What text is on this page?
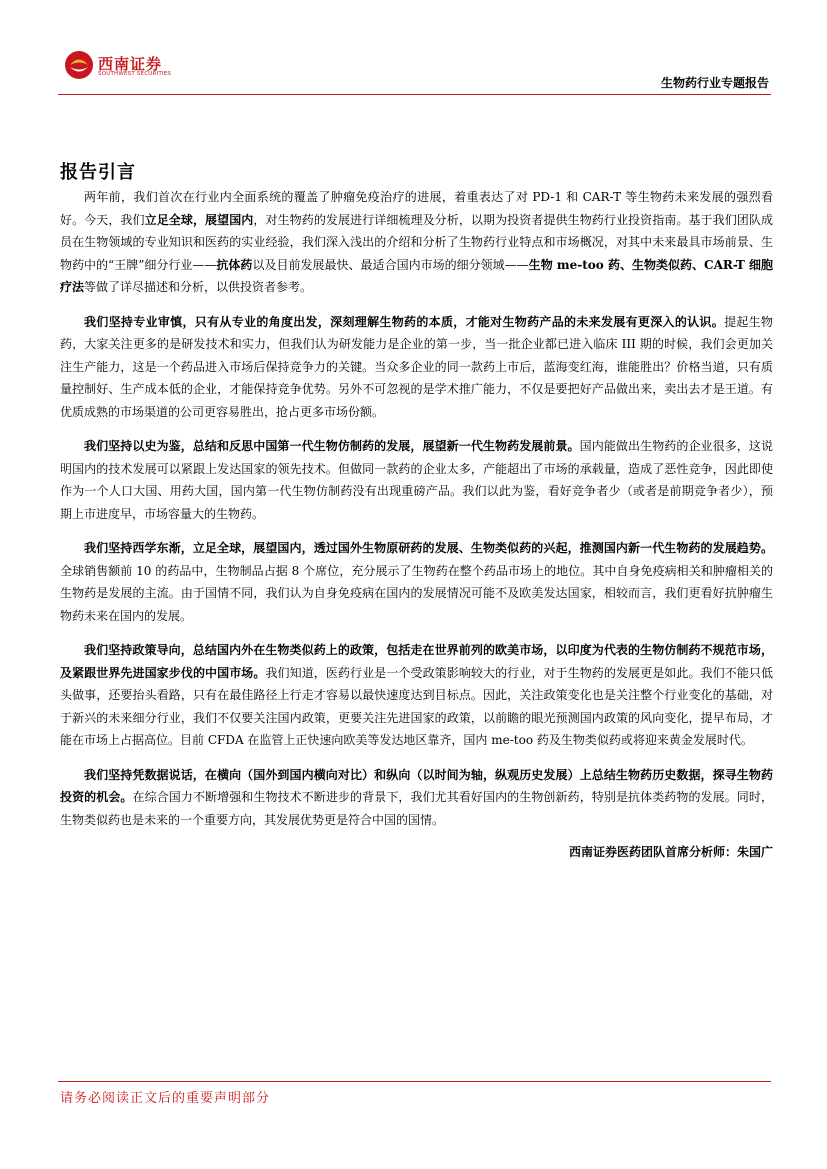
西南证券
SOUTHWEST SECURITIES
生物药行业专题报告
报告引言

两年前，我们首次在行业内全面系统的覆盖了肿瘤免疫治疗的进展，着重表达了对 PD-1 和 CAR-T 等生物药未来发展的强烈看好。今天，我们立足全球，展望国内，对生物药的发展进行详细梳理及分析，以期为投资者提供生物药行业投资指南。基于我们团队成员在生物领域的专业知识和医药的实业经验，我们深入浅出的介绍和分析了生物药行业特点和市场概况，对其中未来最具市场前景、生物药中的“王牌”细分行业——抗体药以及目前发展最快、最适合国内市场的细分领域——生物 me-too 药、生物类似药、CAR-T 细胞疗法等做了详尽描述和分析，以供投资者参考。

我们坚持专业审慎，只有从专业的角度出发，深刻理解生物药的本质，才能对生物药产品的未来发展有更深入的认识。提起生物药，大家关注更多的是研发技术和实力，但我们认为研发能力是企业的第一步，当一批企业都已进入临床 III 期的时候，我们会更加关注生产能力，这是一个药品进入市场后保持竞争力的关键。当众多企业的同一款药上市后，蓝海变红海，谁能胜出？价格当道，只有质量控制好、生产成本低的企业，才能保持竞争优势。另外不可忽视的是学术推广能力，不仅是要把好产品做出来，卖出去才是王道。有优质成熟的市场渠道的公司更容易胜出，抢占更多市场份额。

我们坚持以史为鉴，总结和反思中国第一代生物仿制药的发展，展望新一代生物药发展前景。国内能做出生物药的企业很多，这说明国内的技术发展可以紧跟上发达国家的领先技术。但做同一款药的企业太多，产能超出了市场的承载量，造成了恶性竞争，因此即使作为一个人口大国、用药大国，国内第一代生物仿制药没有出现重磅产品。我们以此为鉴，看好竞争者少（或者是前期竞争者少），预期上市进度早，市场容量大的生物药。

我们坚持西学东渐，立足全球，展望国内，透过国外生物原研药的发展、生物类似药的兴起，推测国内新一代生物药的发展趋势。全球销售额前 10 的药品中，生物制品占据 8 个席位，充分展示了生物药在整个药品市场上的地位。其中自身免疫病相关和肿瘤相关的生物药是发展的主流。由于国情不同，我们认为自身免疫病在国内的发展情况可能不及欧美发达国家，相较而言，我们更看好抗肿瘤生物药未来在国内的发展。

我们坚持政策导向，总结国内外在生物类似药上的政策，包括走在世界前列的欧美市场，以印度为代表的生物仿制药不规范市场，及紧跟世界先进国家步伐的中国市场。我们知道，医药行业是一个受政策影响较大的行业，对于生物药的发展更是如此。我们不能只低头做事，还要抬头看路，只有在最佳路径上行走才容易以最快速度达到目标点。因此，关注政策变化也是关注整个行业变化的基础，对于新兴的未来细分行业，我们不仅要关注国内政策，更要关注先进国家的政策，以前瞻的眼光预测国内政策的风向变化，提早布局，才能在市场上占据高位。目前 CFDA 在监管上正快速向欧美等发达地区靠齐，国内 me-too 药及生物类似药或将迎来黄金发展时代。

我们坚持凭数据说话，在横向（国外到国内横向对比）和纵向（以时间为轴，纵观历史发展）上总结生物药历史数据，探寻生物药投资的机会。在综合国力不断增强和生物技术不断进步的背景下，我们尤其看好国内的生物创新药，特别是抗体类药物的发展。同时，生物类似药也是未来的一个重要方向，其发展优势更是符合中国的国情。

西南证券医药团队首席分析师：朱国广

请务必阅读正文后的重要声明部分
